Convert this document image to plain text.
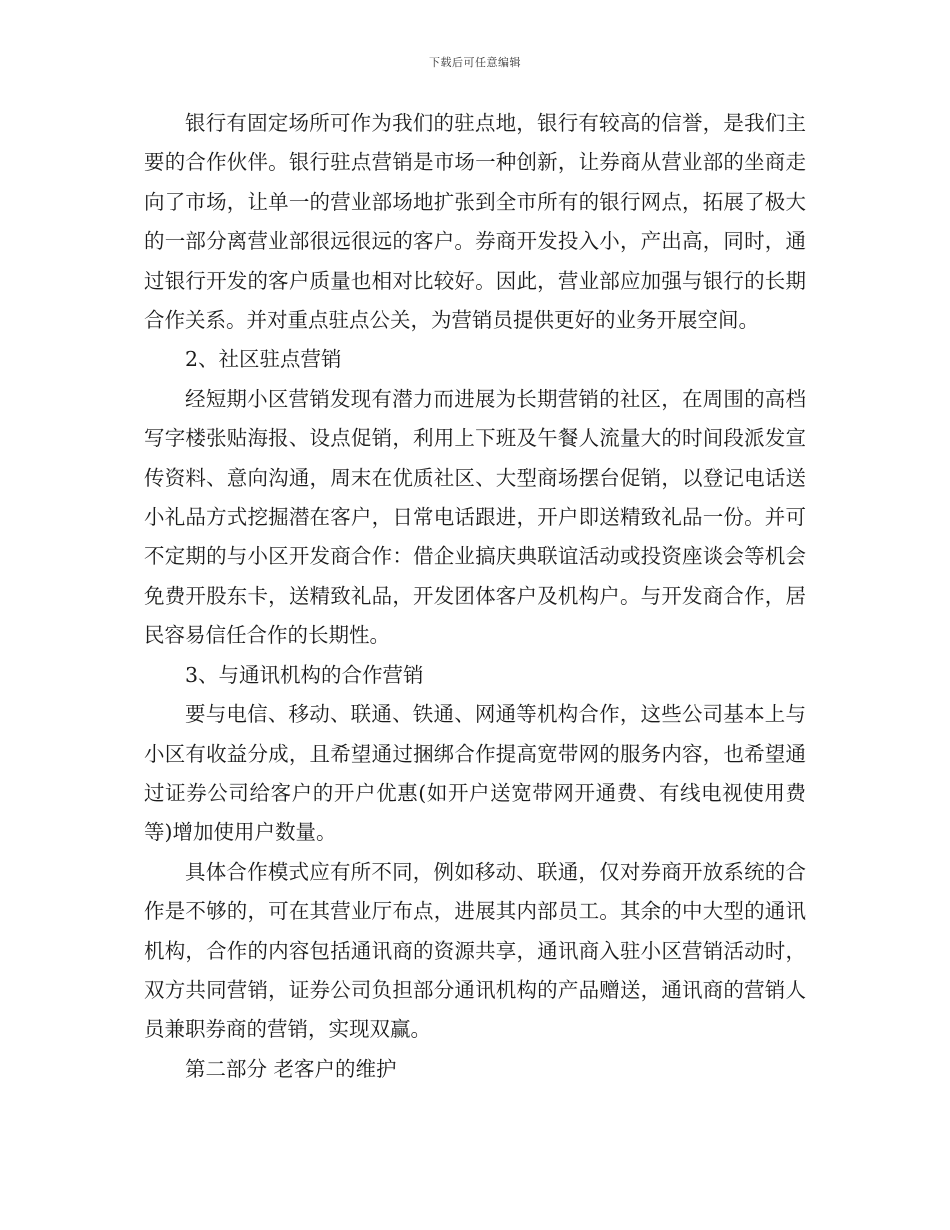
下载后可任意编辑

银行有固定场所可作为我们的驻点地，银行有较高的信誉，是我们主要的合作伙伴。银行驻点营销是市场一种创新，让券商从营业部的坐商走向了市场，让单一的营业部场地扩张到全市所有的银行网点，拓展了极大的一部分离营业部很远很远的客户。券商开发投入小，产出高，同时，通过银行开发的客户质量也相对比较好。因此，营业部应加强与银行的长期合作关系。并对重点驻点公关，为营销员提供更好的业务开展空间。

2、社区驻点营销

经短期小区营销发现有潜力而进展为长期营销的社区，在周围的高档写字楼张贴海报、设点促销，利用上下班及午餐人流量大的时间段派发宣传资料、意向沟通，周末在优质社区、大型商场摆台促销，以登记电话送小礼品方式挖掘潜在客户，日常电话跟进，开户即送精致礼品一份。并可不定期的与小区开发商合作：借企业搞庆典联谊活动或投资座谈会等机会免费开股东卡，送精致礼品，开发团体客户及机构户。与开发商合作，居民容易信任合作的长期性。

3、与通讯机构的合作营销

要与电信、移动、联通、铁通、网通等机构合作，这些公司基本上与小区有收益分成，且希望通过捆绑合作提高宽带网的服务内容，也希望通过证券公司给客户的开户优惠(如开户送宽带网开通费、有线电视使用费等)增加使用户数量。

具体合作模式应有所不同，例如移动、联通，仅对券商开放系统的合作是不够的，可在其营业厅布点，进展其内部员工。其余的中大型的通讯机构，合作的内容包括通讯商的资源共享，通讯商入驻小区营销活动时，双方共同营销，证券公司负担部分通讯机构的产品赠送，通讯商的营销人员兼职券商的营销，实现双赢。

第二部分 老客户的维护
